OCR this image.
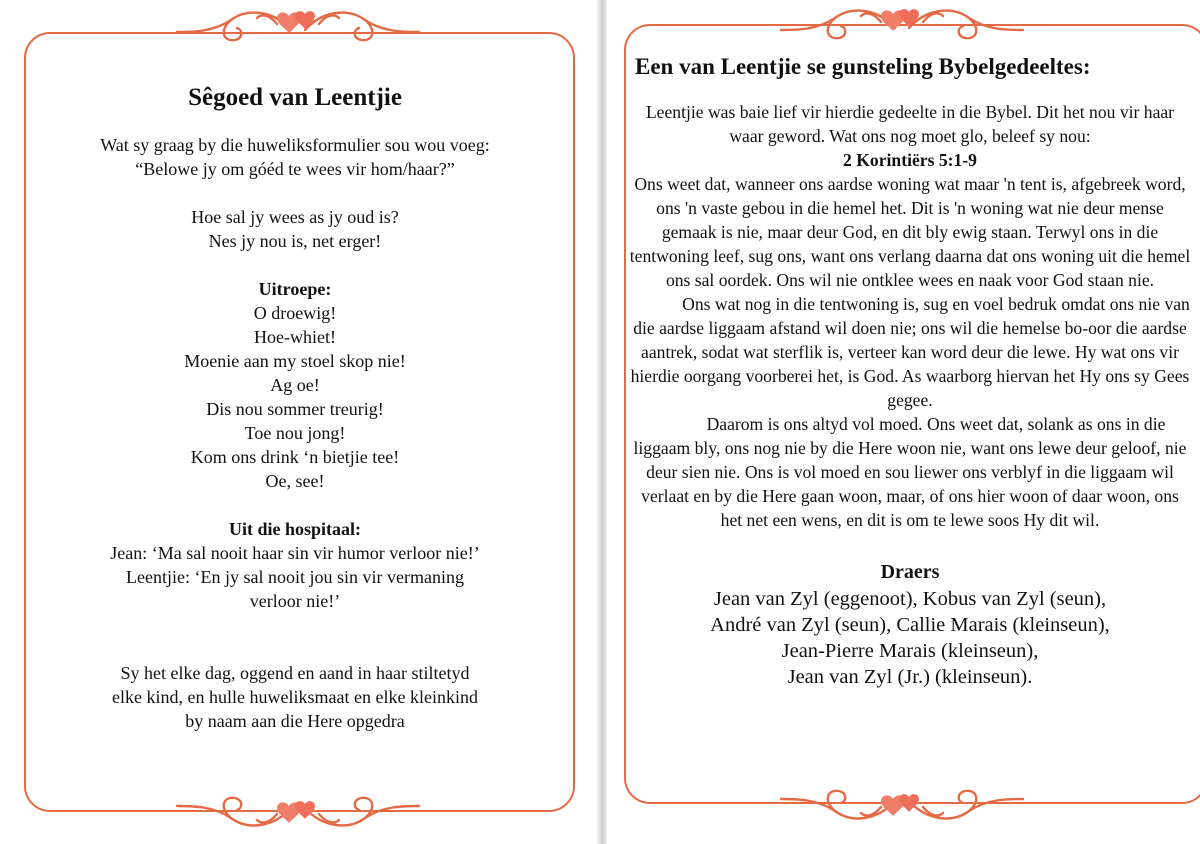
Sêgoed van Leentjie

Wat sy graag by die huweliksformulier sou wou voeg:

“Belowe jy om góéd te wees vir hom/haar?”

Hoe sal jy wees as jy oud is?

Nes jy nou is, net erger!

Uitroepe:

O droewig!

Hoe-whiet!

Moenie aan my stoel skop nie!

Ag oe!

Dis nou sommer treurig!

Toe nou jong!

Kom ons drink ‘n bietjie tee!

Oe, see!

Uit die hospitaal:

Jean: ‘Ma sal nooit haar sin vir humor verloor nie!’

Leentjie: ‘En jy sal nooit jou sin vir vermaning

verloor nie!’

Sy het elke dag, oggend en aand in haar stiltetyd

elke kind, en hulle huweliksmaat en elke kleinkind

by naam aan die Here opgedra

Een van Leentjie se gunsteling Bybelgedeeltes:

Leentjie was baie lief vir hierdie gedeelte in die Bybel. Dit het nou vir haar waar geword. Wat ons nog moet glo, beleef sy nou:

2 Korintiërs 5:1-9

Ons weet dat, wanneer ons aardse woning wat maar 'n tent is, afgebreek word, ons 'n vaste gebou in die hemel het. Dit is 'n woning wat nie deur mense gemaak is nie, maar deur God, en dit bly ewig staan. Terwyl ons in die tentwoning leef, sug ons, want ons verlang daarna dat ons woning uit die hemel ons sal oordek. Ons wil nie ontklee wees en naak voor God staan nie.

Ons wat nog in die tentwoning is, sug en voel bedruk omdat ons nie van die aardse liggaam afstand wil doen nie; ons wil die hemelse bo-oor die aardse aantrek, sodat wat sterflik is, verteer kan word deur die lewe. Hy wat ons vir hierdie oorgang voorberei het, is God. As waarborg hiervan het Hy ons sy Gees gegee.

Daarom is ons altyd vol moed. Ons weet dat, solank as ons in die liggaam bly, ons nog nie by die Here woon nie, want ons lewe deur geloof, nie deur sien nie. Ons is vol moed en sou liewer ons verblyf in die liggaam wil verlaat en by die Here gaan woon, maar, of ons hier woon of daar woon, ons het net een wens, en dit is om te lewe soos Hy dit wil.

Draers

Jean van Zyl (eggenoot), Kobus van Zyl (seun),

André van Zyl (seun), Callie Marais (kleinseun),

Jean-Pierre Marais (kleinseun),

Jean van Zyl (Jr.) (kleinseun).
